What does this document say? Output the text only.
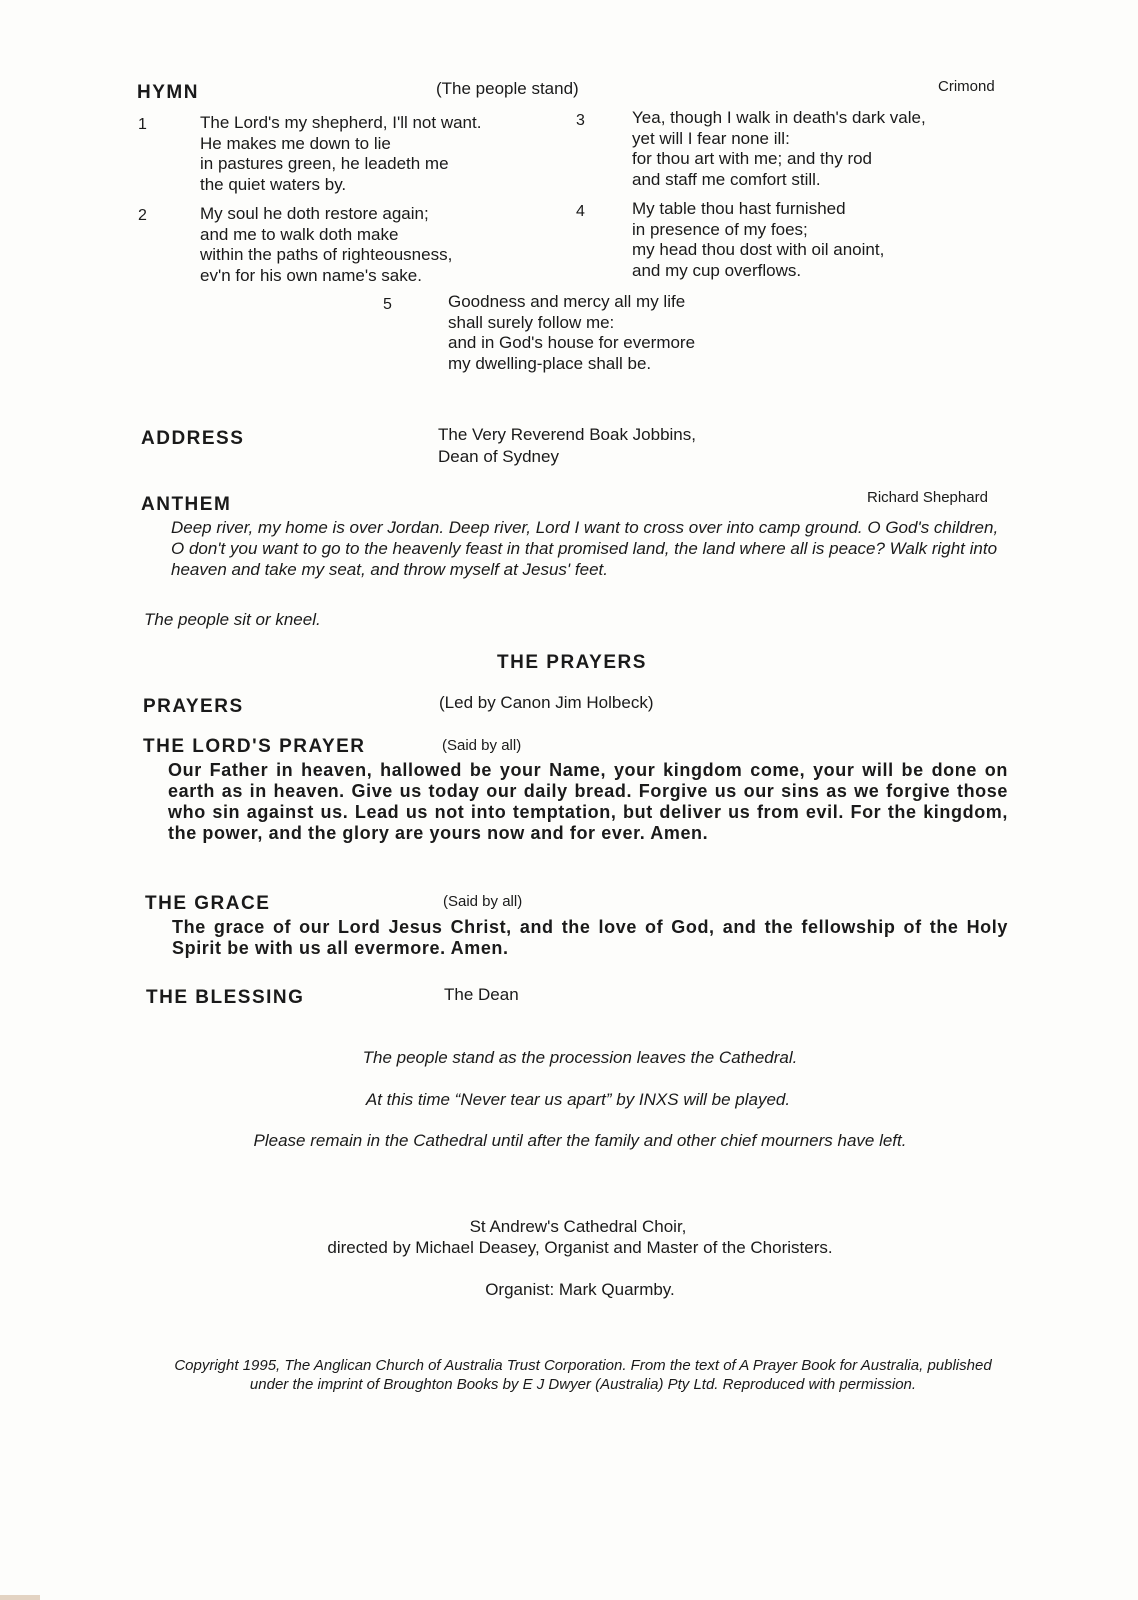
HYMN	(The people stand)	Crimond
1	The Lord's my shepherd, I'll not want.
He makes me down to lie
in pastures green, he leadeth me
the quiet waters by.
2	My soul he doth restore again;
and me to walk doth make
within the paths of righteousness,
ev'n for his own name's sake.
3	Yea, though I walk in death's dark vale,
yet will I fear none ill:
for thou art with me; and thy rod
and staff me comfort still.
4	My table thou hast furnished
in presence of my foes;
my head thou dost with oil anoint,
and my cup overflows.
5	Goodness and mercy all my life
shall surely follow me:
and in God's house for evermore
my dwelling-place shall be.
ADDRESS	The Very Reverend Boak Jobbins,
Dean of Sydney
ANTHEM	Richard Shephard
Deep river, my home is over Jordan. Deep river, Lord I want to cross over into camp ground. O God's children, O don't you want to go to the heavenly feast in that promised land, the land where all is peace? Walk right into heaven and take my seat, and throw myself at Jesus' feet.
The people sit or kneel.
THE PRAYERS
PRAYERS	(Led by Canon Jim Holbeck)
THE LORD'S PRAYER	(Said by all)
Our Father in heaven, hallowed be your Name, your kingdom come, your will be done on earth as in heaven. Give us today our daily bread. Forgive us our sins as we forgive those who sin against us. Lead us not into temptation, but deliver us from evil. For the kingdom, the power, and the glory are yours now and for ever. Amen.
THE GRACE	(Said by all)
The grace of our Lord Jesus Christ, and the love of God, and the fellowship of the Holy Spirit be with us all evermore. Amen.
THE BLESSING	The Dean
The people stand as the procession leaves the Cathedral.
At this time “Never tear us apart” by INXS will be played.
Please remain in the Cathedral until after the family and other chief mourners have left.
St Andrew's Cathedral Choir,
directed by Michael Deasey, Organist and Master of the Choristers.
Organist: Mark Quarmby.
Copyright 1995, The Anglican Church of Australia Trust Corporation. From the text of A Prayer Book for Australia, published under the imprint of Broughton Books by E J Dwyer (Australia) Pty Ltd. Reproduced with permission.
